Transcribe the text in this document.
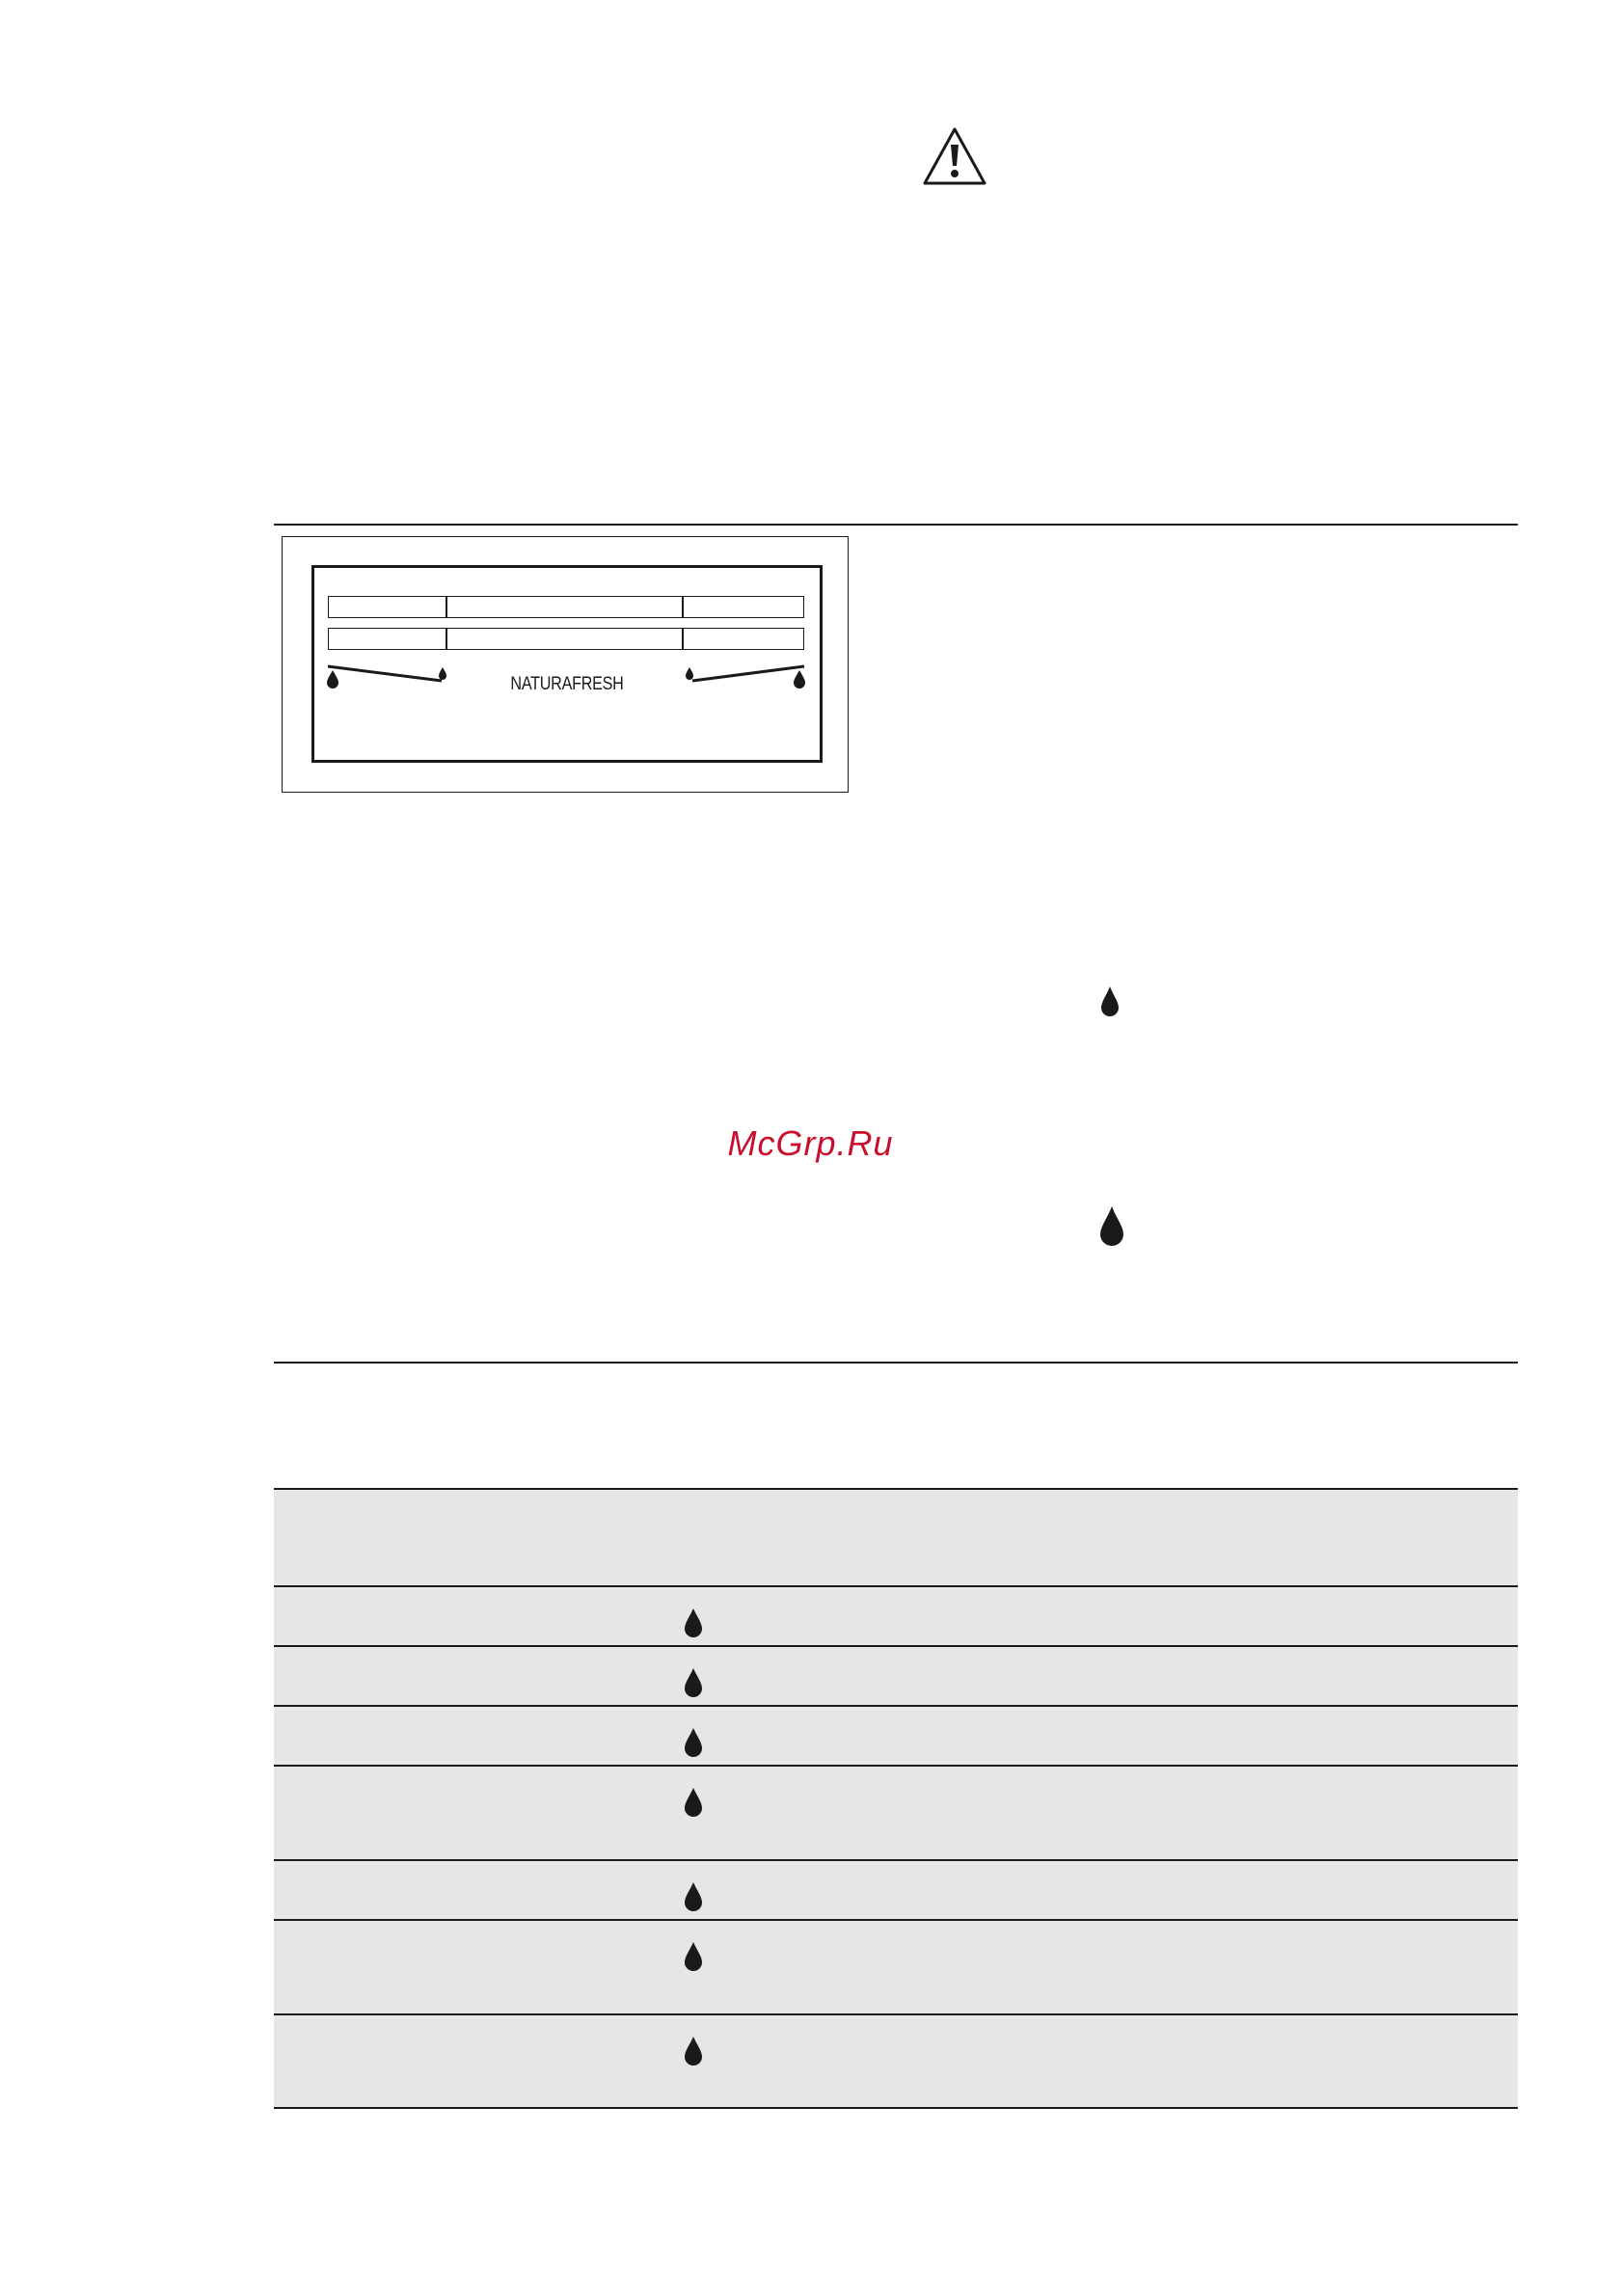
NATURAFRESH
McGrp.Ru
